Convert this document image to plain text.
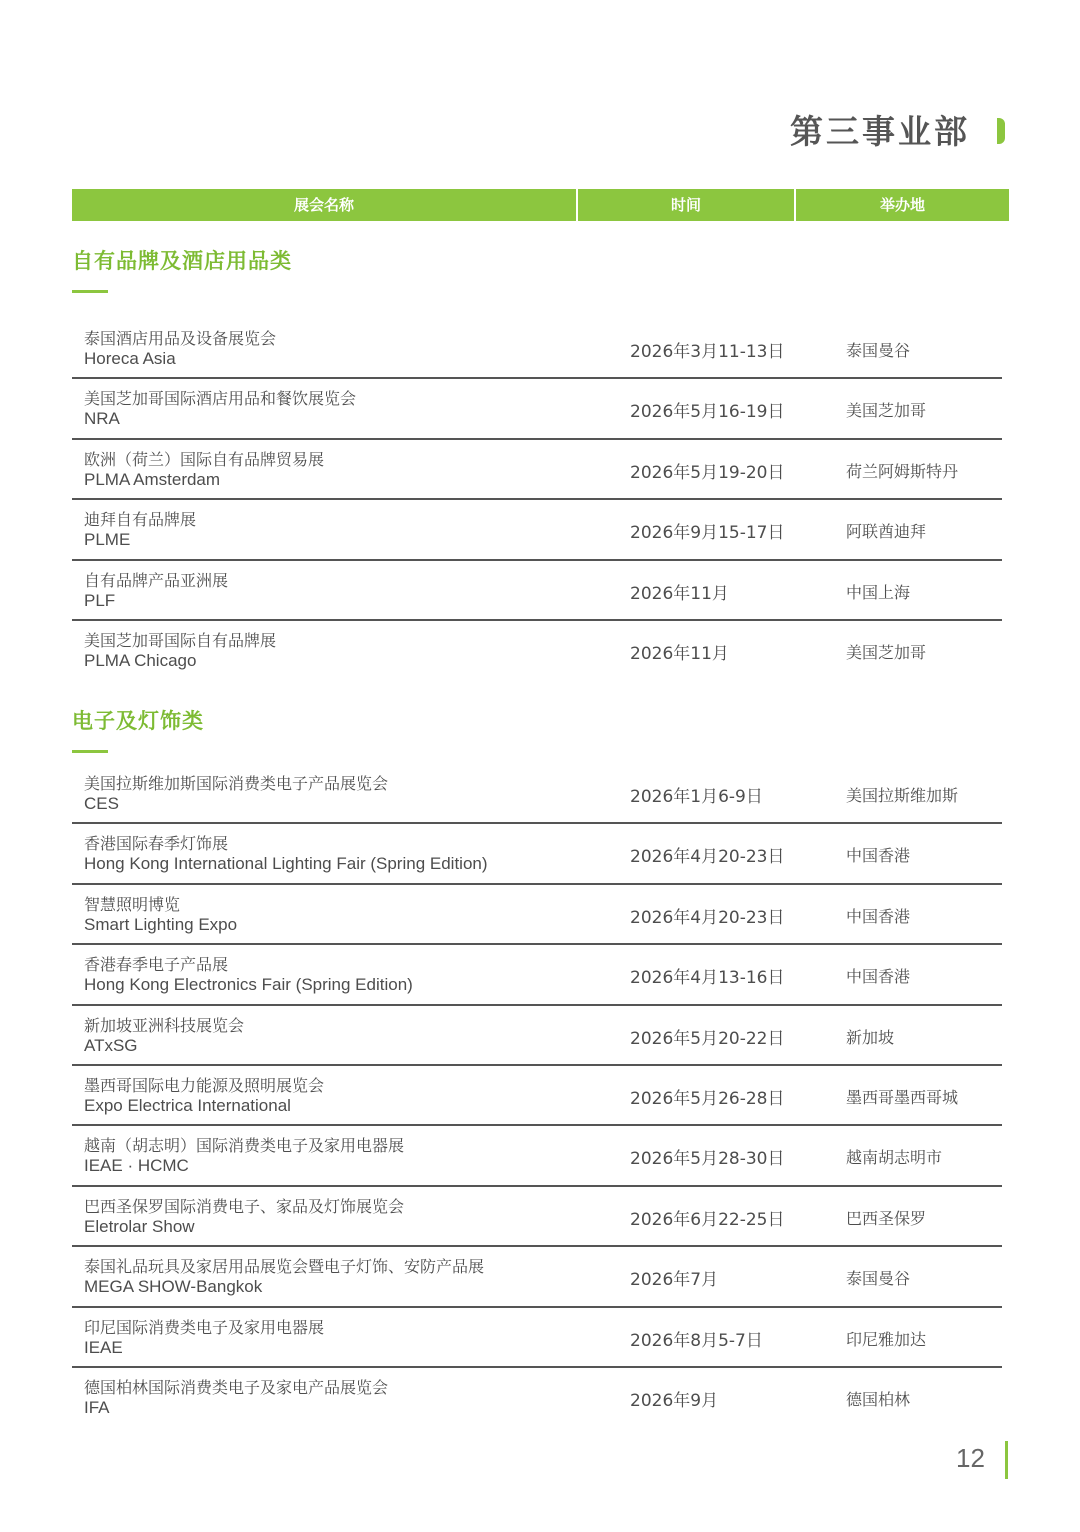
第三事业部
展会名称	时间	举办地
自有品牌及酒店用品类
泰国酒店用品及设备展览会
Horeca Asia	2026年3月11-13日	泰国曼谷
美国芝加哥国际酒店用品和餐饮展览会
NRA	2026年5月16-19日	美国芝加哥
欧洲（荷兰）国际自有品牌贸易展
PLMA Amsterdam	2026年5月19-20日	荷兰阿姆斯特丹
迪拜自有品牌展
PLME	2026年9月15-17日	阿联酋迪拜
自有品牌产品亚洲展
PLF	2026年11月	中国上海
美国芝加哥国际自有品牌展
PLMA Chicago	2026年11月	美国芝加哥
电子及灯饰类
美国拉斯维加斯国际消费类电子产品展览会
CES	2026年1月6-9日	美国拉斯维加斯
香港国际春季灯饰展
Hong Kong International Lighting Fair (Spring Edition)	2026年4月20-23日	中国香港
智慧照明博览
Smart Lighting Expo	2026年4月20-23日	中国香港
香港春季电子产品展
Hong Kong Electronics Fair (Spring Edition)	2026年4月13-16日	中国香港
新加坡亚洲科技展览会
ATxSG	2026年5月20-22日	新加坡
墨西哥国际电力能源及照明展览会
Expo Electrica International	2026年5月26-28日	墨西哥墨西哥城
越南（胡志明）国际消费类电子及家用电器展
IEAE · HCMC	2026年5月28-30日	越南胡志明市
巴西圣保罗国际消费电子、家品及灯饰展览会
Eletrolar Show	2026年6月22-25日	巴西圣保罗
泰国礼品玩具及家居用品展览会暨电子灯饰、安防产品展
MEGA SHOW-Bangkok	2026年7月	泰国曼谷
印尼国际消费类电子及家用电器展
IEAE	2026年8月5-7日	印尼雅加达
德国柏林国际消费类电子及家电产品展览会
IFA	2026年9月	德国柏林
12
